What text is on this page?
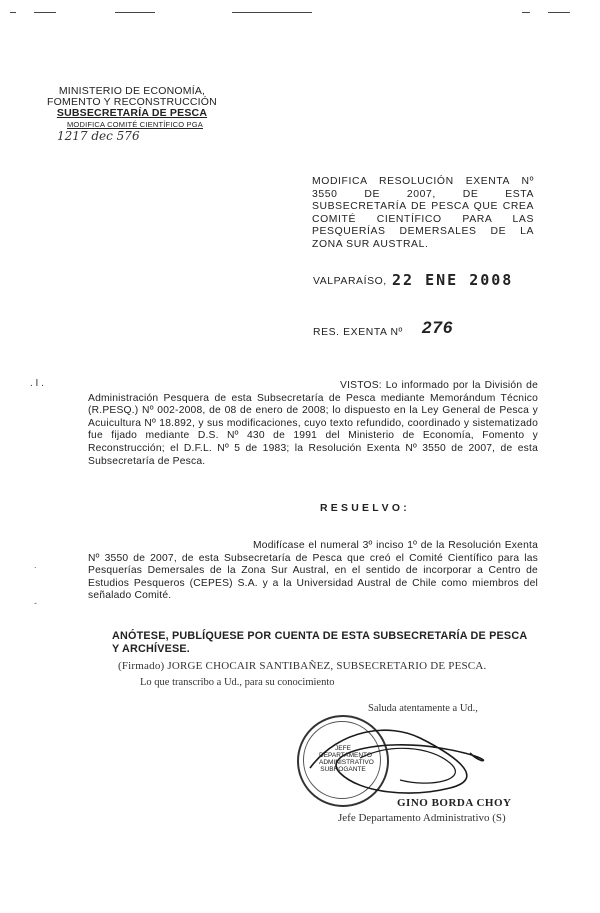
MINISTERIO DE ECONOMÍA,
FOMENTO Y RECONSTRUCCIÓN
SUBSECRETARÍA DE PESCA
MODIFICA COMITÉ CIENTÍFICO PGA
1217 dec 576
MODIFICA RESOLUCIÓN EXENTA Nº 3550 DE 2007, DE ESTA SUBSECRETARÍA DE PESCA QUE CREA COMITÉ CIENTÍFICO PARA LAS PESQUERÍAS DEMERSALES DE LA ZONA SUR AUSTRAL.
VALPARAÍSO, 22 ENE 2008
RES. EXENTA Nº 276
. I .
.
-
VISTOS: Lo informado por la División de Administración Pesquera de esta Subsecretaría de Pesca mediante Memorándum Técnico (R.PESQ.) Nº 002-2008, de 08 de enero de 2008; lo dispuesto en la Ley General de Pesca y Acuicultura Nº 18.892, y sus modificaciones, cuyo texto refundido, coordinado y sistematizado fue fijado mediante D.S. Nº 430 de 1991 del Ministerio de Economía, Fomento y Reconstrucción; el D.F.L. Nº 5 de 1983; la Resolución Exenta Nº 3550 de 2007, de esta Subsecretaría de Pesca.
R E S U E L V O :
Modifícase el numeral 3º inciso 1º de la Resolución Exenta Nº 3550 de 2007, de esta Subsecretaría de Pesca que creó el Comité Científico para las Pesquerías Demersales de la Zona Sur Austral, en el sentido de incorporar a Centro de Estudios Pesqueros (CEPES) S.A. y a la Universidad Austral de Chile como miembros del señalado Comité.
ANÓTESE, PUBLÍQUESE POR CUENTA DE ESTA SUBSECRETARÍA DE PESCA Y ARCHÍVESE.
(Firmado) JORGE CHOCAIR SANTIBAÑEZ, SUBSECRETARIO DE PESCA.
Lo que transcribo a Ud., para su conocimiento
Saluda atentamente a Ud.,
JEFE
DEPARTAMENTO
ADMINISTRATIVO
SUBROGANTE
GINO BORDA CHOY
Jefe Departamento Administrativo (S)
